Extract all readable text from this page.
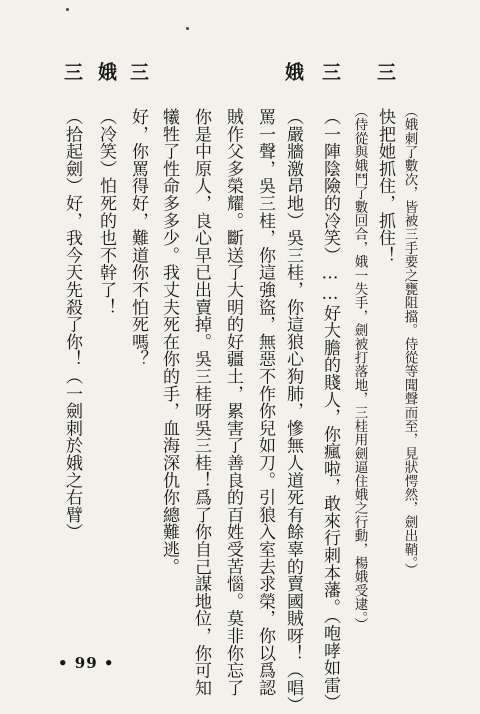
（娥刺了數次，皆被三手要之甕阻擋。侍從等聞聲而至，見狀愕然，劍出鞘。）
三
快把她抓住，抓住！
（侍從與娥鬥了數回合，娥一失手，劍被打落地，三桂用劍逼住娥之行動，楊娥受逮。）
三
（一陣陰險的冷笑）……好大膽的賤人，你瘋啦，敢來行刺本藩。（咆哮如雷）
娥
（嚴牆激昂地）吳三桂，你這狼心狗肺，慘無人道死有餘辜的賣國賊呀！（唱）
罵一聲，吳三桂，你這強盜，無惡不作你兒如刀。引狼入室去求榮，你以爲認
賊作父多榮耀。斷送了大明的好疆土，累害了善良的百姓受苦惱。莫非你忘了
你是中原人，良心早已出賣掉。吳三桂呀吳三桂！爲了你自己謀地位，你可知
犧牲了性命多多少。我丈夫死在你的手，血海深仇你總難逃。
三
好，你罵得好，難道你不怕死嗎？
娥
（冷笑）怕死的也不幹了！
三
（拾起劍）好，我今天先殺了你！（一劍刺於娥之右臂）
• 99 •
